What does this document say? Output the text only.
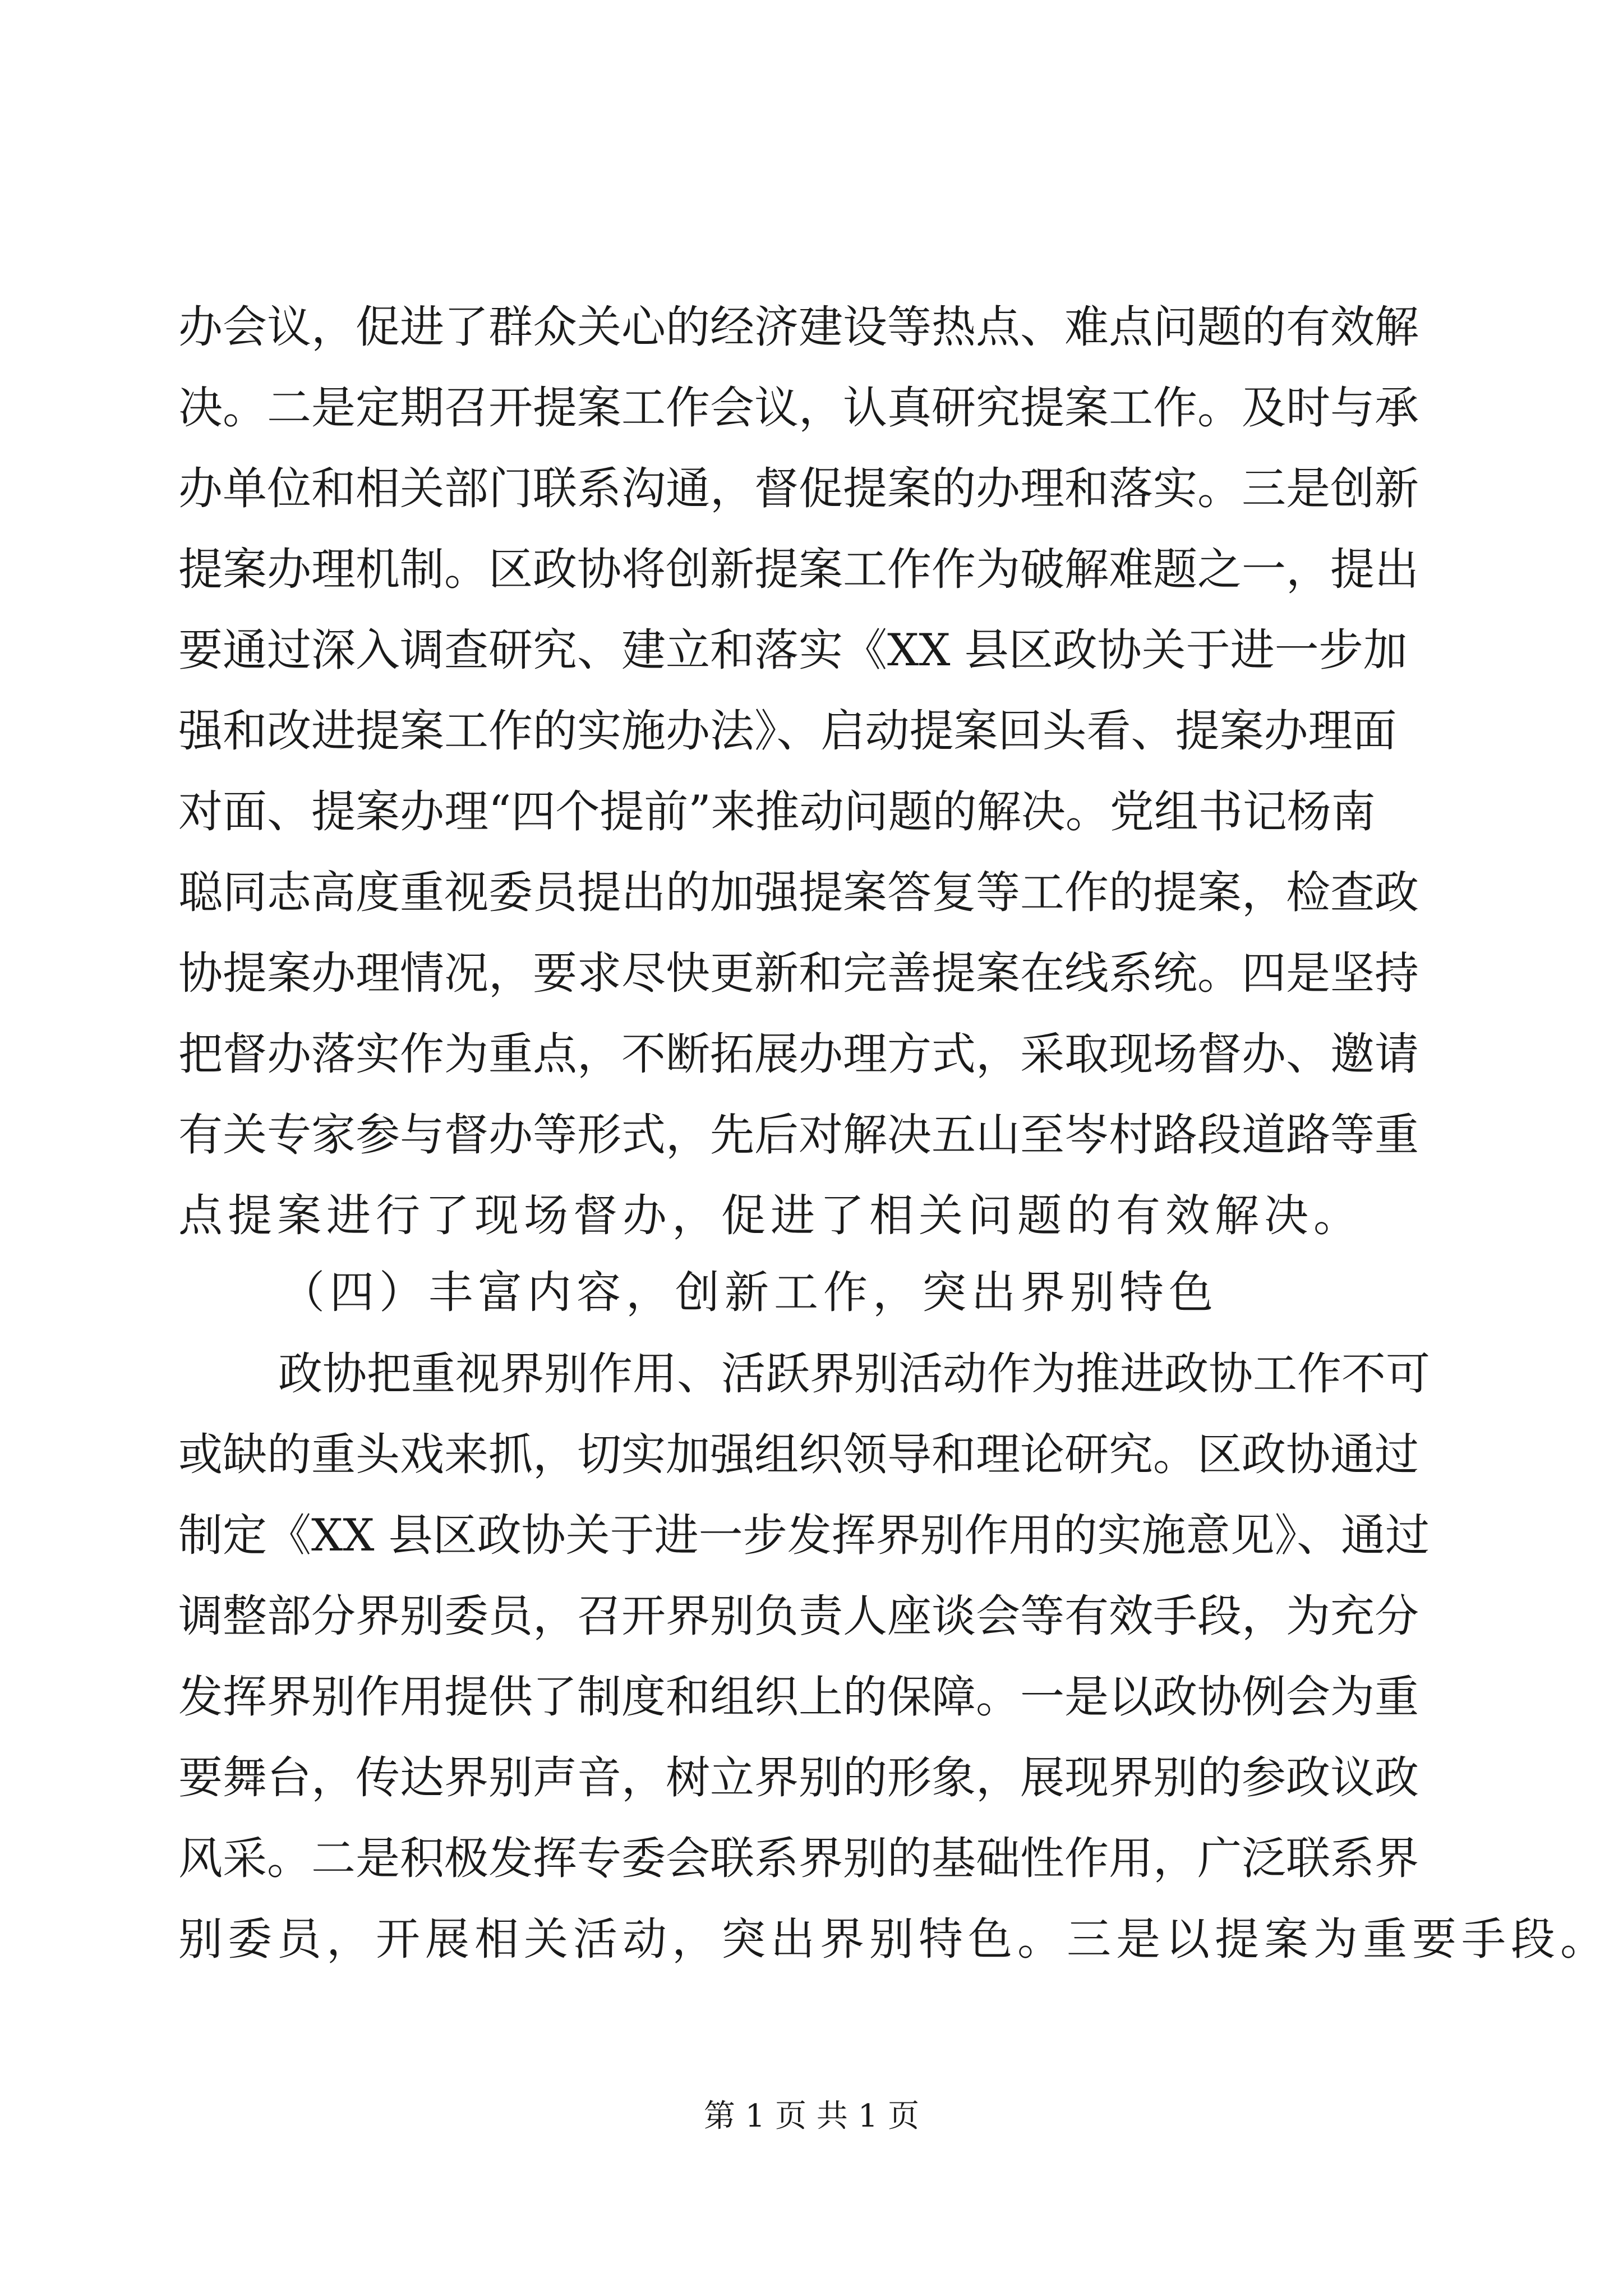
办会议，促进了群众关心的经济建设等热点、难点问题的有效解
决。二是定期召开提案工作会议，认真研究提案工作。及时与承
办单位和相关部门联系沟通，督促提案的办理和落实。三是创新
提案办理机制。区政协将创新提案工作作为破解难题之一，提出
要通过深入调查研究、建立和落实《XX 县区政协关于进一步加
强和改进提案工作的实施办法》、启动提案回头看、提案办理面
对面、提案办理“四个提前”来推动问题的解决。党组书记杨南
聪同志高度重视委员提出的加强提案答复等工作的提案，检查政
协提案办理情况，要求尽快更新和完善提案在线系统。四是坚持
把督办落实作为重点，不断拓展办理方式，采取现场督办、邀请
有关专家参与督办等形式，先后对解决五山至岑村路段道路等重
点提案进行了现场督办，促进了相关问题的有效解决。
（四）丰富内容，创新工作，突出界别特色
政协把重视界别作用、活跃界别活动作为推进政协工作不可
或缺的重头戏来抓，切实加强组织领导和理论研究。区政协通过
制定《XX 县区政协关于进一步发挥界别作用的实施意见》、通过
调整部分界别委员，召开界别负责人座谈会等有效手段，为充分
发挥界别作用提供了制度和组织上的保障。一是以政协例会为重
要舞台，传达界别声音，树立界别的形象，展现界别的参政议政
风采。二是积极发挥专委会联系界别的基础性作用，广泛联系界
别委员，开展相关活动，突出界别特色。三是以提案为重要手段。
第 1 页 共 1 页
